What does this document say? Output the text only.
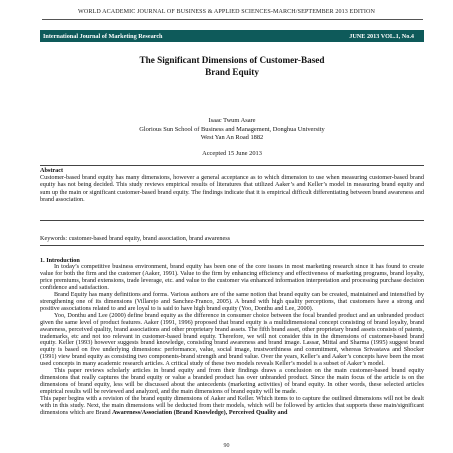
WORLD ACADEMIC JOURNAL OF BUSINESS & APPLIED SCIENCES-MARCH/SEPTEMBER 2013 EDITION
International Journal of Marketing Research	JUNE 2013 VOL.1, No.4
The Significant Dimensions of Customer-Based
Brand Equity
Isaac Twum Asare
Glorious Sun School of Business and Management, Donghua University
West Yan An Road 1882
Accepted 15 June 2013
Abstract
Customer-based brand equity has many dimensions, however a general acceptance as to which dimension to use when measuring customer-based brand equity has not being decided. This study reviews empirical results of literatures that utilized Aaker’s and Keller’s model in measuring brand equity and sum up the main or significant customer-based brand equity. The findings indicate that it is empirical difficult differentiating between brand awareness and brand association.
Keywords: customer-based brand equity, brand association, brand awareness
1. Introduction

In today’s competitive business environment, brand equity has been one of the core issues in most marketing research since it has found to create value for both the firm and the customer (Aaker, 1991). Value to the firm by enhancing efficiency and effectiveness of marketing programs, brand loyalty, price premiums, brand extensions, trade leverage, etc. and value to the customer via enhanced information interpretation and processing purchase decision confidence and satisfaction.

Brand Equity has many definitions and forms. Various authors are of the same notion that brand equity can be created, maintained and intensified by strengthening one of its dimensions (Villarejo and Sanchez-Franco, 2005). A brand with high quality perceptions, that customers have a strong and positive associations related to and are loyal to is said to have high brand equity (Yoo, Donthu and Lee, 2000).

Yoo, Donthu and Lee (2000) define brand equity as the difference in consumer choice between the focal branded product and an unbranded product given the same level of product features. Aaker (1991, 1996) proposed that brand equity is a multidimensional concept consisting of brand loyalty, brand awareness, perceived quality, brand associations and other proprietary brand assets. The fifth brand asset, other proprietary brand assets consists of patents, trademarks, etc and not too relevant in customer-based brand equity. Therefore, we will not consider this in the dimensions of customer-based brand equity. Keller (1993) however suggests brand knowledge, consisting brand awareness and brand image. Lassar, Mittal and Sharma (1995) suggest brand equity is based on five underlying dimensions: performance, value, social image, trustworthiness and commitment, whereas Srivastava and Shocker (1991) view brand equity as consisting two components-brand strength and brand value. Over the years, Keller’s and Aaker’s concepts have been the most used concepts in many academic research articles. A critical study of these two models reveals Keller’s model is a subset of Aaker’s model.

This paper reviews scholarly articles in brand equity and from their findings draws a conclusion on the main customer-based brand equity dimensions that really captures the brand equity or value a branded product has over unbranded product. Since the main focus of the article is on the dimensions of brand equity, less will be discussed about the antecedents (marketing activities) of brand equity. In other words, these selected articles empirical results will be reviewed and analyzed, and the main dimensions of brand equity will be made.

This paper begins with a revision of the brand equity dimensions of Aaker and Keller. Which items to to capture the outlined dimensions will not be dealt with in this study. Next, the main dimensions will be deducted from their models, which will be followed by articles that supports these main/significant dimensions which are Brand Awareness/Association (Brand Knowledge), Perceived Quality and

90
